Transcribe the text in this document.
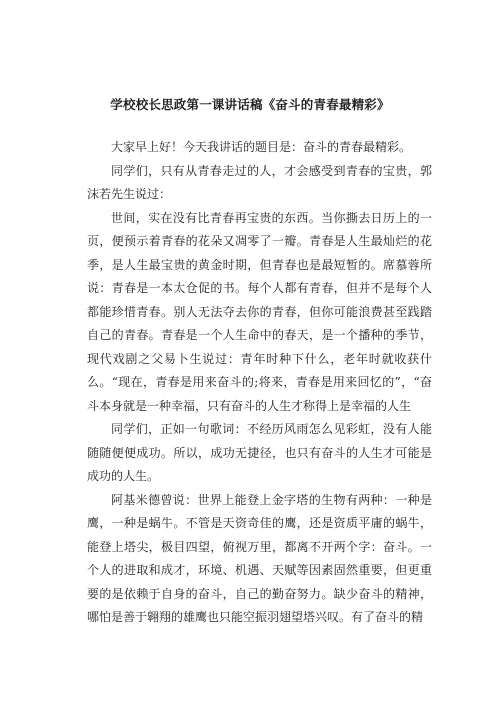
学校校长思政第一课讲话稿《奋斗的青春最精彩》

大家早上好！今天我讲话的题目是：奋斗的青春最精彩。

同学们，只有从青春走过的人，才会感受到青春的宝贵，郭沫若先生说过：

世间，实在没有比青春再宝贵的东西。当你撕去日历上的一页，便预示着青春的花朵又凋零了一瓣。青春是人生最灿烂的花季，是人生最宝贵的黄金时期，但青春也是最短暂的。席慕蓉所说：青春是一本太仓促的书。每个人都有青春，但并不是每个人都能珍惜青春。别人无法夺去你的青春，但你可能浪费甚至践踏自己的青春。青春是一个人生命中的春天，是一个播种的季节，现代戏剧之父易卜生说过：青年时种下什么，老年时就收获什么。“现在，青春是用来奋斗的;将来，青春是用来回忆的”，“奋斗本身就是一种幸福，只有奋斗的人生才称得上是幸福的人生

同学们，正如一句歌词：不经历风雨怎么见彩虹，没有人能随随便便成功。所以，成功无捷径，也只有奋斗的人生才可能是成功的人生。

阿基米德曾说：世界上能登上金字塔的生物有两种：一种是鹰，一种是蜗牛。不管是天资奇佳的鹰，还是资质平庸的蜗牛，能登上塔尖，极目四望，俯视万里，都离不开两个字：奋斗。一个人的进取和成才，环境、机遇、天赋等因素固然重要，但更重要的是依赖于自身的奋斗，自己的勤奋努力。缺少奋斗的精神，哪怕是善于翱翔的雄鹰也只能空振羽翅望塔兴叹。有了奋斗的精
